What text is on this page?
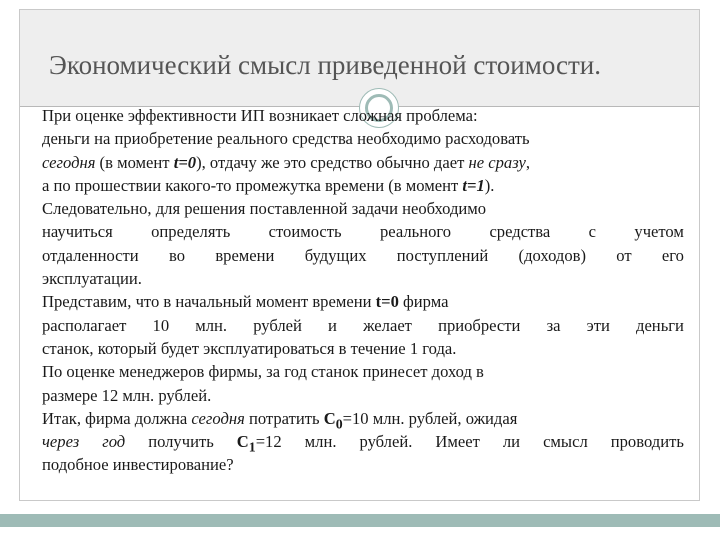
Экономический смысл приведенной стоимости.
При оценке эффективности ИП возникает сложная проблема:
деньги на приобретение реального средства необходимо расходовать
сегодня (в момент t=0), отдачу же это средство обычно дает не сразу,
а по прошествии какого-то промежутка времени (в момент t=1).
Следовательно, для решения поставленной задачи необходимо
научиться определять стоимость реального средства с учетом
отдаленности во времени будущих поступлений (доходов) от его
эксплуатации.
Представим, что в начальный момент времени t=0 фирма
располагает 10 млн. рублей и желает приобрести за эти деньги
станок, который будет эксплуатироваться в течение 1 года.
По оценке менеджеров фирмы, за год станок принесет доход в
размере 12 млн. рублей.
Итак, фирма должна сегодня потратить $С_0=10$ млн. рублей, ожидая
через год получить $С_1=12$ млн. рублей. Имеет ли смысл проводить
подобное инвестирование?
